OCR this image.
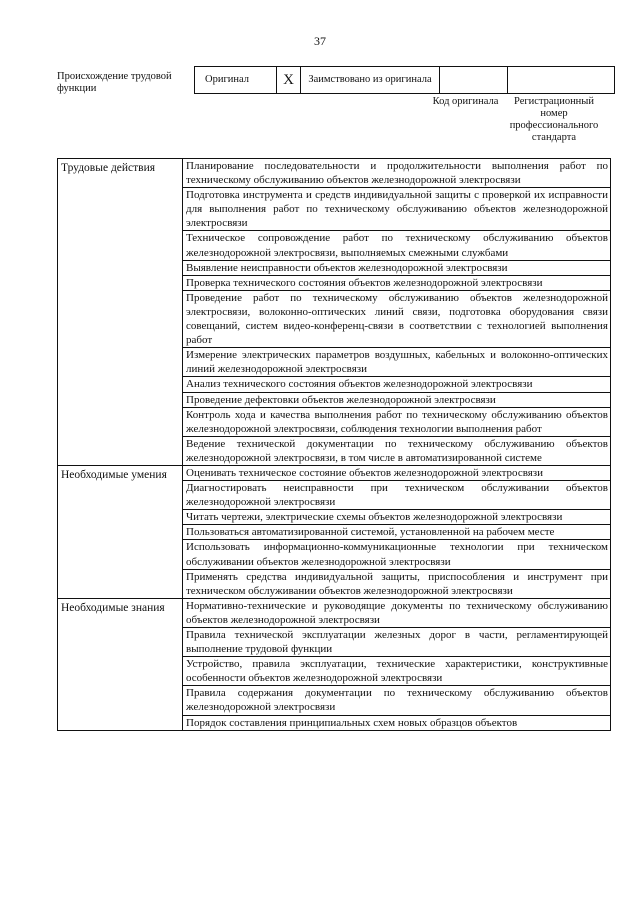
37
Происхождение трудовой функции
Оригинал	X	Заимствовано из оригинала		
Код оригинала	Регистрационный номер профессионального стандарта
Трудовые действия	Планирование последовательности и продолжительности выполнения работ по техническому обслуживанию объектов железнодорожной электросвязи
	Подготовка инструмента и средств индивидуальной защиты с проверкой их исправности для выполнения работ по техническому обслуживанию объектов железнодорожной электросвязи
	Техническое сопровождение работ по техническому обслуживанию объектов железнодорожной электросвязи, выполняемых смежными службами
	Выявление неисправности объектов железнодорожной электросвязи
	Проверка технического состояния объектов железнодорожной электросвязи
	Проведение работ по техническому обслуживанию объектов железнодорожной электросвязи, волоконно-оптических линий связи, подготовка оборудования связи совещаний, систем видео-конференц-связи в соответствии с технологией выполнения работ
	Измерение электрических параметров воздушных, кабельных и волоконно-оптических линий железнодорожной электросвязи
	Анализ технического состояния объектов железнодорожной электросвязи
	Проведение дефектовки объектов железнодорожной электросвязи
	Контроль хода и качества выполнения работ по техническому обслуживанию объектов железнодорожной электросвязи, соблюдения технологии выполнения работ
	Ведение технической документации по техническому обслуживанию объектов железнодорожной электросвязи, в том числе в автоматизированной системе
Необходимые умения	Оценивать техническое состояние объектов железнодорожной электросвязи
	Диагностировать неисправности при техническом обслуживании объектов железнодорожной электросвязи
	Читать чертежи, электрические схемы объектов железнодорожной электросвязи
	Пользоваться автоматизированной системой, установленной на рабочем месте
	Использовать информационно-коммуникационные технологии при техническом обслуживании объектов железнодорожной электросвязи
	Применять средства индивидуальной защиты, приспособления и инструмент при техническом обслуживании объектов железнодорожной электросвязи
Необходимые знания	Нормативно-технические и руководящие документы по техническому обслуживанию объектов железнодорожной электросвязи
	Правила технической эксплуатации железных дорог в части, регламентирующей выполнение трудовой функции
	Устройство, правила эксплуатации, технические характеристики, конструктивные особенности объектов железнодорожной электросвязи
	Правила содержания документации по техническому обслуживанию объектов железнодорожной электросвязи
	Порядок составления принципиальных схем новых образцов объектов
